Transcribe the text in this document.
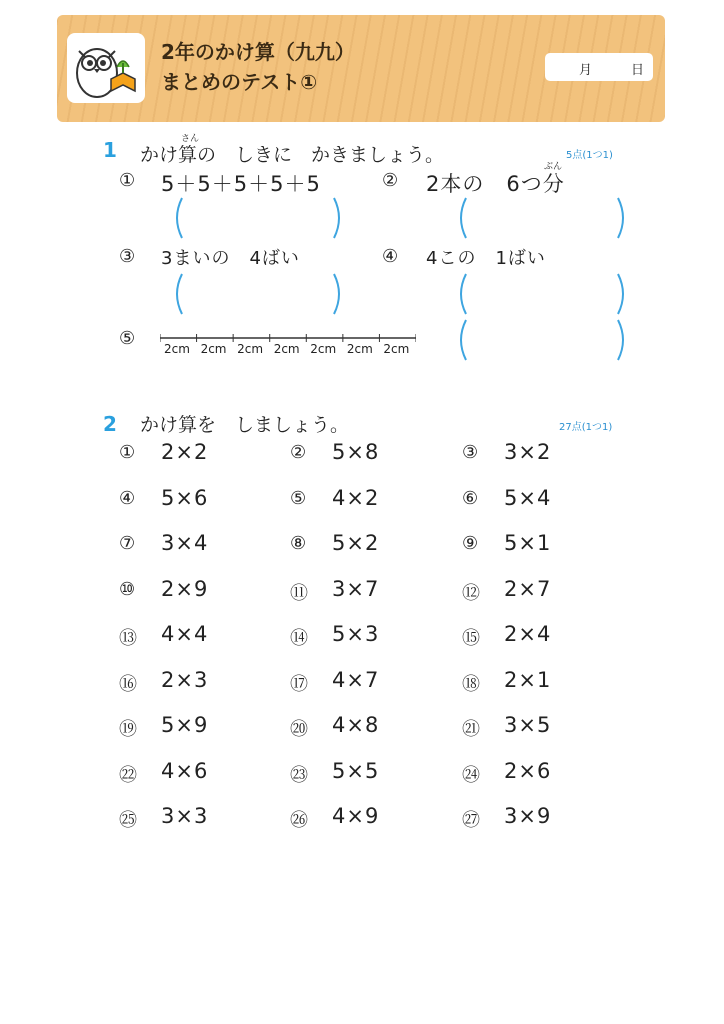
2年のかけ算（九九）
まとめのテスト①	月	日
1	さん
かけ算の　しきに　かきましょう。	5点(1つ1)
① 5＋5＋5＋5＋5	②
ぶん
2本の　6つ分
③ 3まいの　4ばい	④ 4この　1ばい
⑤ 2cm 2cm 2cm 2cm 2cm 2cm 2cm
2	かけ算を　しましょう。	27点(1つ1)
① 2×2	② 5×8	③ 3×2
④ 5×6	⑤ 4×2	⑥ 5×4
⑦ 3×4	⑧ 5×2	⑨ 5×1
⑩ 2×9	⑪ 3×7	⑫ 2×7
⑬ 4×4	⑭ 5×3	⑮ 2×4
⑯ 2×3	⑰ 4×7	⑱ 2×1
⑲ 5×9	⑳ 4×8	㉑ 3×5
㉒ 4×6	㉓ 5×5	㉔ 2×6
㉕ 3×3	㉖ 4×9	㉗ 3×9
